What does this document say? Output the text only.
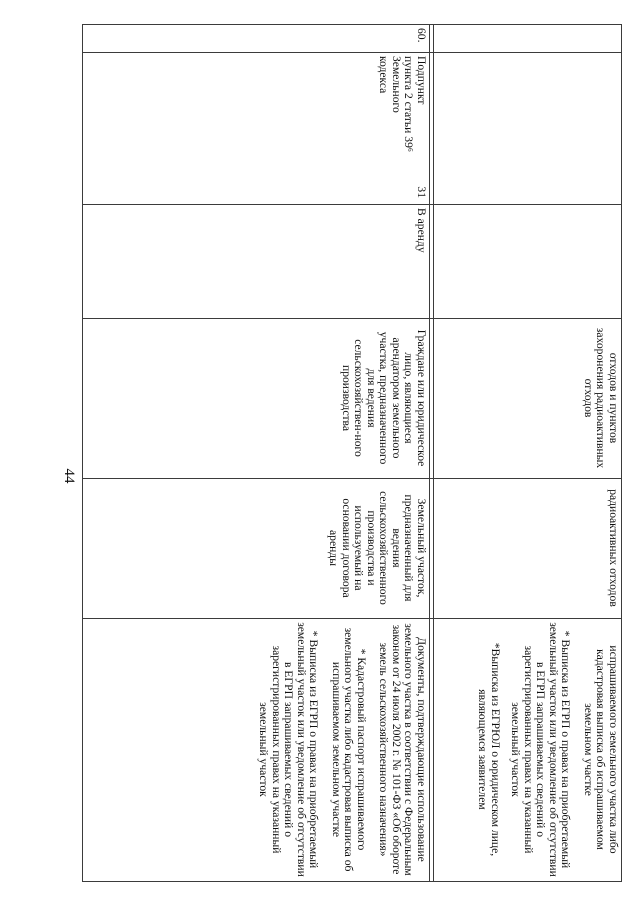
44
отходов и пунктов захоронения радиоактивных отходов
радиоактивных отходов

испрашиваемого земельного участка либо кадастровая выписка об испрашиваемом земельном участке

* Выписка из ЕГРП о правах на приобретаемый земельный участок или уведомление об отсутствии в ЕГРП запрашиваемых сведений о зарегистрированных правах на указанный земельный участок

*Выписка из ЕГРЮЛ о юридическом лице, являющемся заявителем

60.
Подпункт
31
пункта 2 статьи 39⁶
Земельного
кодекса
В аренду
Граждане или юридическое лицо, являющиеся арендатором земельного участка, предназначенного для ведения сельскохозяйствен-ного производства
Земельный участок, предназначенный для ведения сельскохозяйственного производства и используемый на основании договора аренды

Документы, подтверждающие использование земельного участка в соответствии с Федеральным законом от 24 июля 2002 г. № 101-ФЗ «Об обороте земель сельскохозяйственного назначения»

* Кадастровый паспорт испрашиваемого земельного участка либо кадастровая выписка об испрашиваемом земельном участке

* Выписка из ЕГРП о правах на приобретаемый земельный участок или уведомление об отсутствии в ЕГРП запрашиваемых сведений о зарегистрированных правах на указанный земельный участок
